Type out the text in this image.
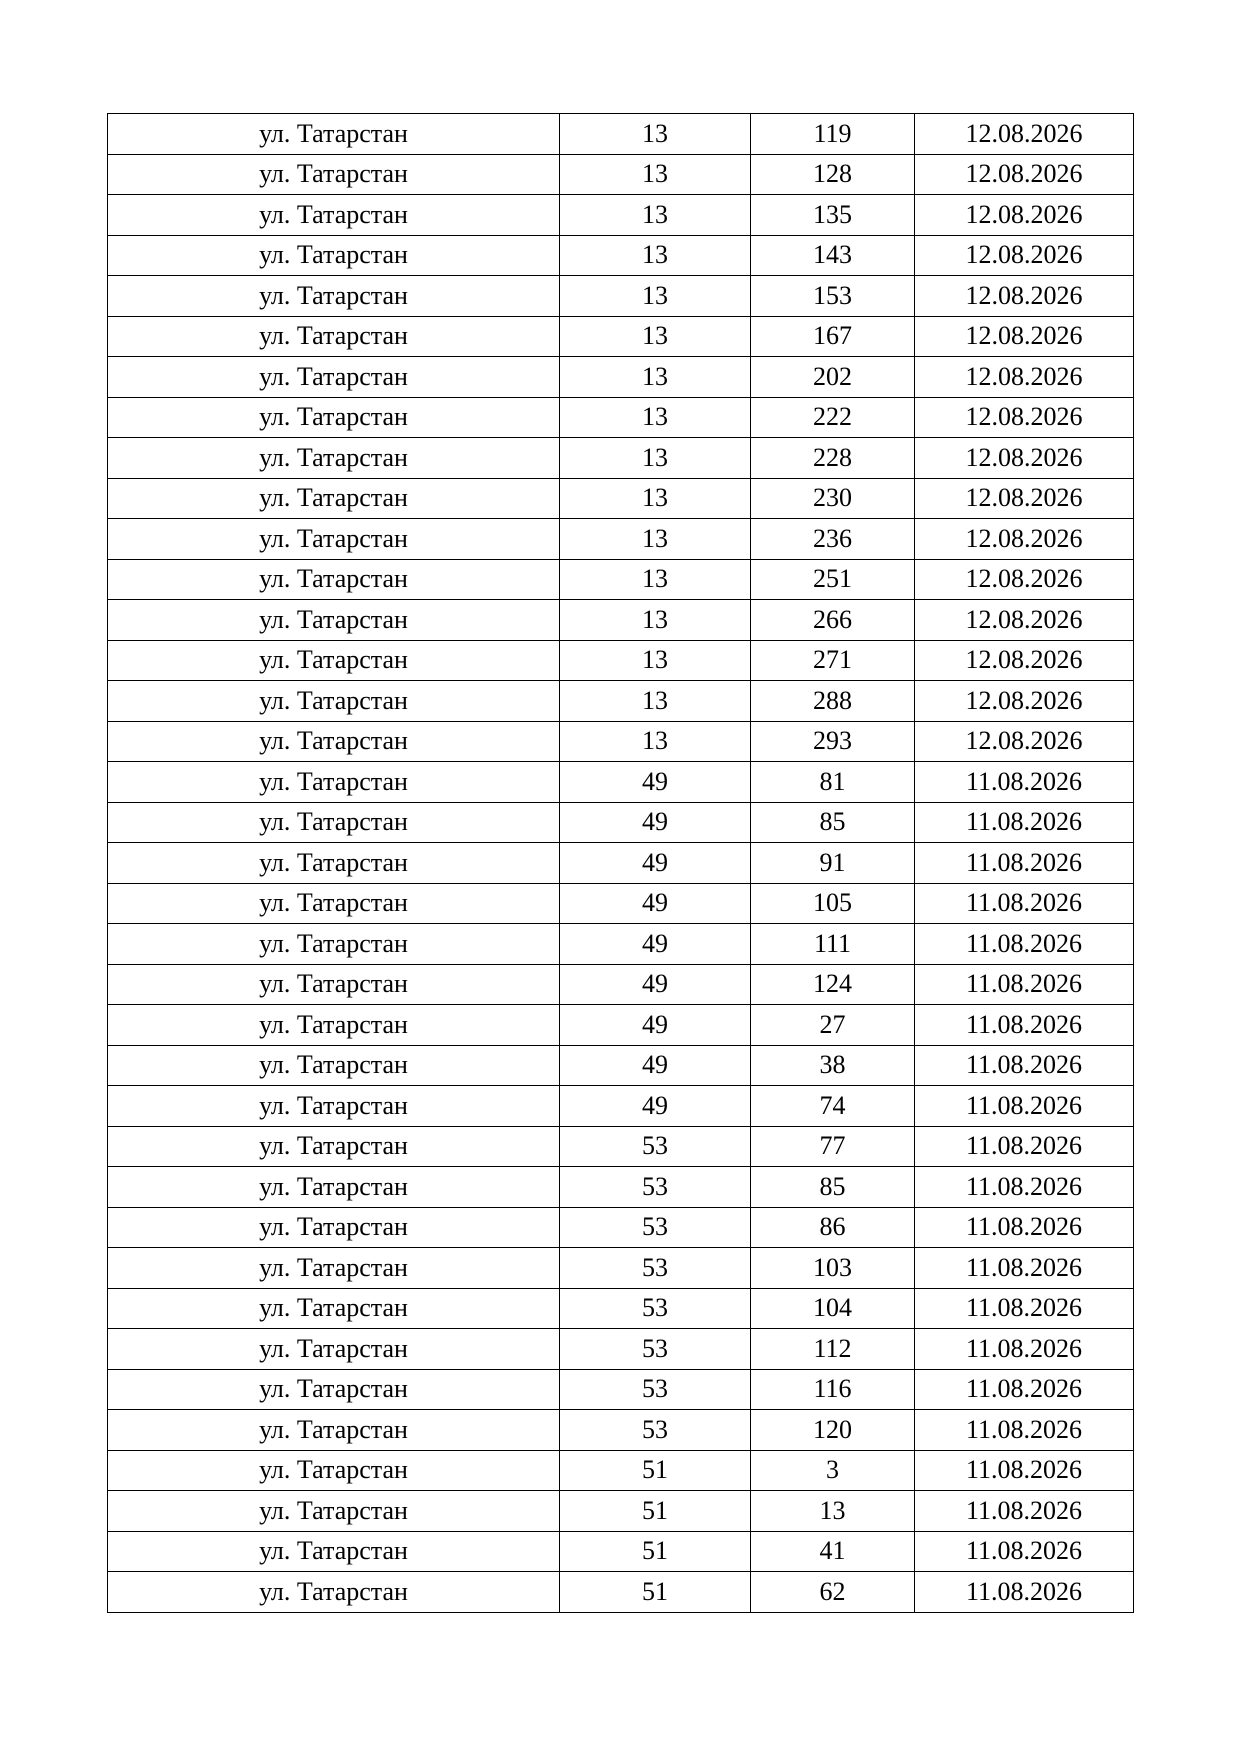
ул. Татарстан	13	119	12.08.2026
ул. Татарстан	13	128	12.08.2026
ул. Татарстан	13	135	12.08.2026
ул. Татарстан	13	143	12.08.2026
ул. Татарстан	13	153	12.08.2026
ул. Татарстан	13	167	12.08.2026
ул. Татарстан	13	202	12.08.2026
ул. Татарстан	13	222	12.08.2026
ул. Татарстан	13	228	12.08.2026
ул. Татарстан	13	230	12.08.2026
ул. Татарстан	13	236	12.08.2026
ул. Татарстан	13	251	12.08.2026
ул. Татарстан	13	266	12.08.2026
ул. Татарстан	13	271	12.08.2026
ул. Татарстан	13	288	12.08.2026
ул. Татарстан	13	293	12.08.2026
ул. Татарстан	49	81	11.08.2026
ул. Татарстан	49	85	11.08.2026
ул. Татарстан	49	91	11.08.2026
ул. Татарстан	49	105	11.08.2026
ул. Татарстан	49	111	11.08.2026
ул. Татарстан	49	124	11.08.2026
ул. Татарстан	49	27	11.08.2026
ул. Татарстан	49	38	11.08.2026
ул. Татарстан	49	74	11.08.2026
ул. Татарстан	53	77	11.08.2026
ул. Татарстан	53	85	11.08.2026
ул. Татарстан	53	86	11.08.2026
ул. Татарстан	53	103	11.08.2026
ул. Татарстан	53	104	11.08.2026
ул. Татарстан	53	112	11.08.2026
ул. Татарстан	53	116	11.08.2026
ул. Татарстан	53	120	11.08.2026
ул. Татарстан	51	3	11.08.2026
ул. Татарстан	51	13	11.08.2026
ул. Татарстан	51	41	11.08.2026
ул. Татарстан	51	62	11.08.2026
